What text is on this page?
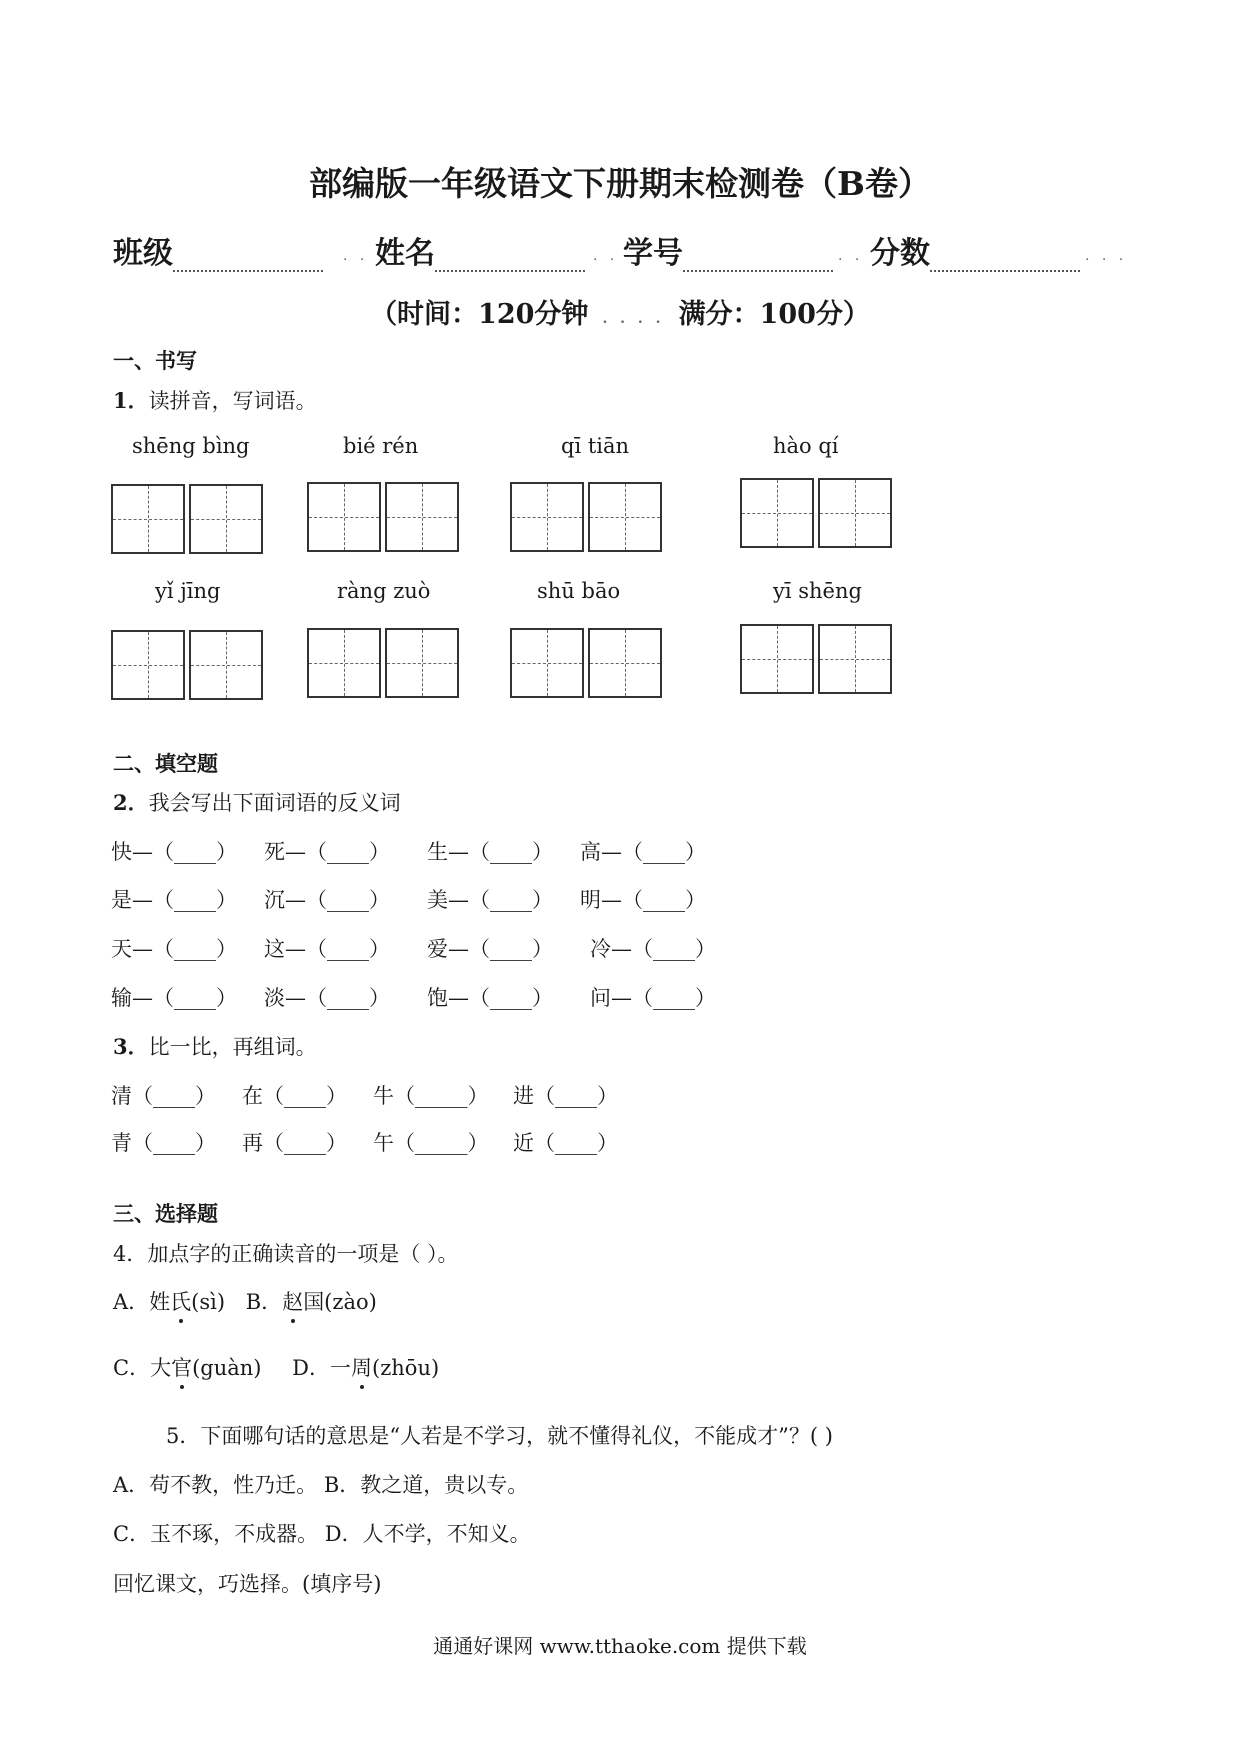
部编版一年级语文下册期末检测卷（B卷）
班级	. . 姓名	. . 学号	. . 分数	. . .
（时间：120分钟 . . . . 满分：100分）
一、书写
1．读拼音，写词语。
shēng bìng	bié rén	qī tiān	hào qí
yǐ jīng	ràng zuò	shū bāo	yī shēng
二、填空题
2．我会写出下面词语的反义词
快—（____） 死—（____） 生—（____） 高—（____）
是—（____） 沉—（____） 美—（____） 明—（____）
天—（____） 这—（____） 爱—（____） 冷—（____）
输—（____） 淡—（____） 饱—（____） 问—（____）
3．比一比，再组词。
清（____） 在（____） 牛（_____） 进（____）
青（____） 再（____） 午（_____） 近（____）
三、选择题
4．加点字的正确读音的一项是（ ）。
A．姓氏(sì) B．赵国(zào)
C．大官(guàn) D．一周(zhōu)
5．下面哪句话的意思是“人若是不学习，就不懂得礼仪，不能成才”？( )
A．苟不教，性乃迁。 B．教之道，贵以专。
C．玉不琢，不成器。 D．人不学，不知义。
回忆课文，巧选择。(填序号)
通通好课网 www.tthaoke.com 提供下载
